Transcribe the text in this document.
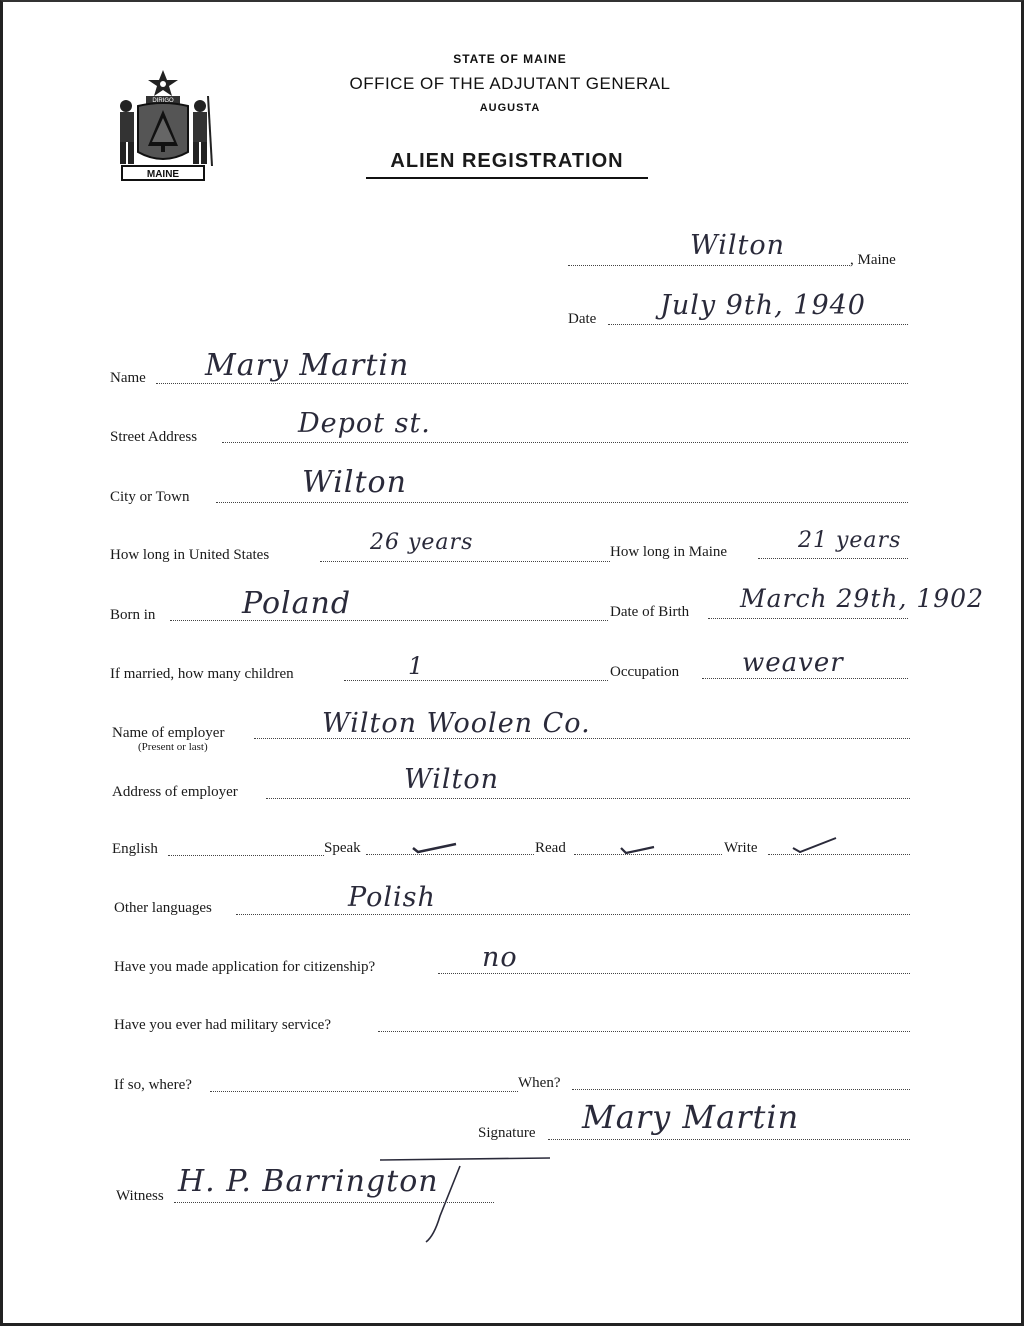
MAINE
DIRIGO
STATE OF MAINE
OFFICE OF THE ADJUTANT GENERAL
AUGUSTA
ALIEN REGISTRATION
Wilton	, Maine
Date July 9th, 1940
Name Mary Martin
Street Address	Depot st.
City or Town	Wilton
How long in United States	26 years	How long in Maine	21 years
Born in	Poland	Date of Birth March 29th, 1902
If married, how many children	1	Occupation weaver
Name of employer
(Present or last)
Wilton Woolen Co.
Address of employer	Wilton
English	Speak	Read	Write
Other languages	Polish
Have you made application for citizenship?	no
Have you ever had military service?
If so, where?	When?
Signature Mary Martin
Witness H. P. Barrington
